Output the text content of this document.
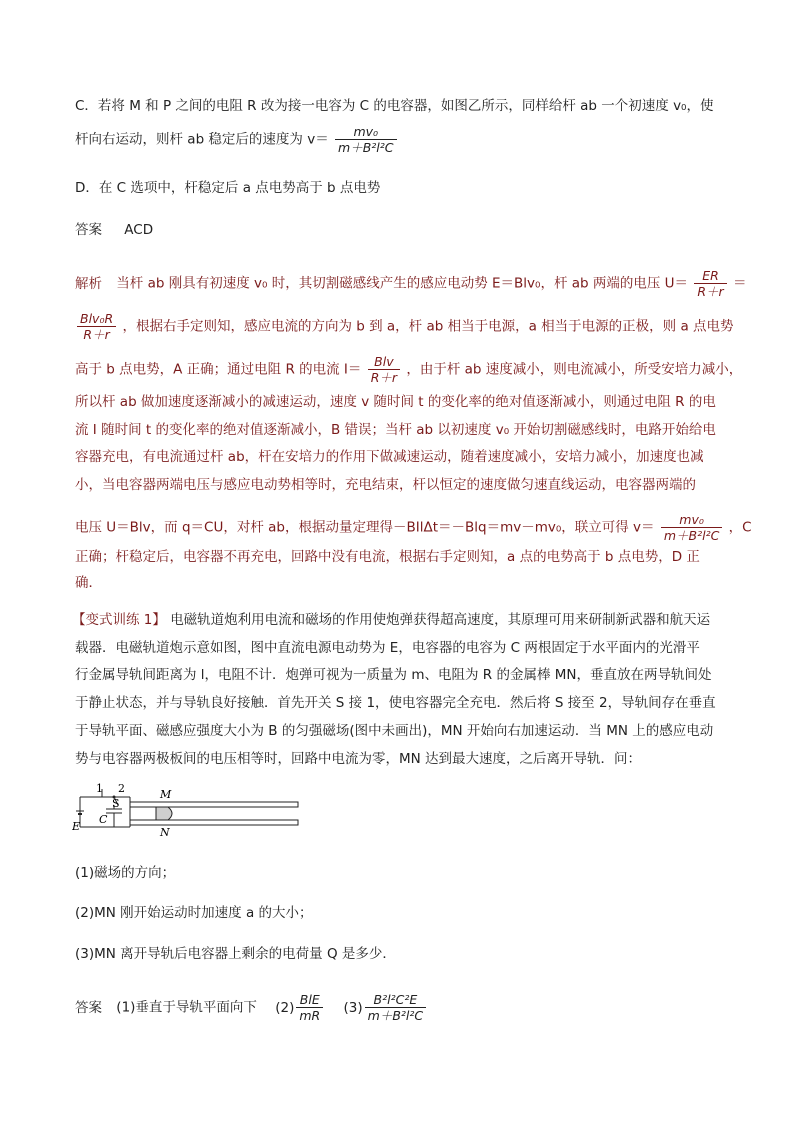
C．若将 M 和 P 之间的电阻 R 改为接一电容为 C 的电容器，如图乙所示，同样给杆 ab 一个初速度 v₀，使
杆向右运动，则杆 ab 稳定后的速度为 $v= \frac{\text{mv₀}}{\text{m＋B²l²C}}$
D．在 C 选项中，杆稳定后 a 点电势高于 b 点电势
答案 ACD
解析 当杆 ab 刚具有初速度 v₀ 时，其切割磁感线产生的感应电动势 E＝Blv₀，杆 ab 两端的电压 $U= \frac{ER}{R+r}$ ＝
$\frac{\text{Blv₀R}}{R+r}$ ，根据右手定则知，感应电流的方向为 b 到 a，杆 ab 相当于电源，a 相当于电源的正极，则 a 点电势
高于 b 点电势，A 正确；通过电阻 R 的电流 $I= \frac{\text{Blv}}{R+r}$ ，由于杆 ab 速度减小，则电流减小，所受安培力减小，
所以杆 ab 做加速度逐渐减小的减速运动，速度 v 随时间 t 的变化率的绝对值逐渐减小，则通过电阻 R 的电
流 I 随时间 t 的变化率的绝对值逐渐减小，B 错误；当杆 ab 以初速度 v₀ 开始切割磁感线时，电路开始给电
容器充电，有电流通过杆 ab，杆在安培力的作用下做减速运动，随着速度减小，安培力减小，加速度也减
小，当电容器两端电压与感应电动势相等时，充电结束，杆以恒定的速度做匀速直线运动，电容器两端的
电压 U＝Blv，而 q＝CU，对杆 ab，根据动量定理得－BIlΔt＝－Blq＝mv－mv₀，联立可得 $v= \frac{\text{mv₀}}{\text{m＋B²l²C}}$ ，C
正确；杆稳定后，电容器不再充电，回路中没有电流，根据右手定则知，a 点的电势高于 b 点电势，D 正
确．
【变式训练 1】 电磁轨道炮利用电流和磁场的作用使炮弹获得超高速度，其原理可用来研制新武器和航天运
载器．电磁轨道炮示意如图，图中直流电源电动势为 E，电容器的电容为 C 两根固定于水平面内的光滑平
行金属导轨间距离为 l，电阻不计．炮弹可视为一质量为 m、电阻为 R 的金属棒 MN，垂直放在两导轨间处
于静止状态，并与导轨良好接触．首先开关 S 接 1，使电容器完全充电．然后将 S 接至 2，导轨间存在垂直
于导轨平面、磁感应强度大小为 B 的匀强磁场(图中未画出)，MN 开始向右加速运动．当 MN 上的感应电动
势与电容器两极板间的电压相等时，回路中电流为零，MN 达到最大速度，之后离开导轨．问：
1 2
S
C
E
M
N
(1)磁场的方向；
(2)MN 刚开始运动时加速度 a 的大小；
(3)MN 离开导轨后电容器上剩余的电荷量 Q 是多少．
答案 (1)垂直于导轨平面向下 $(2) \frac{\text{BlE}}{mR} (3) \frac{\text{B²l²C²E}}{\text{m＋B²l²C}}$
